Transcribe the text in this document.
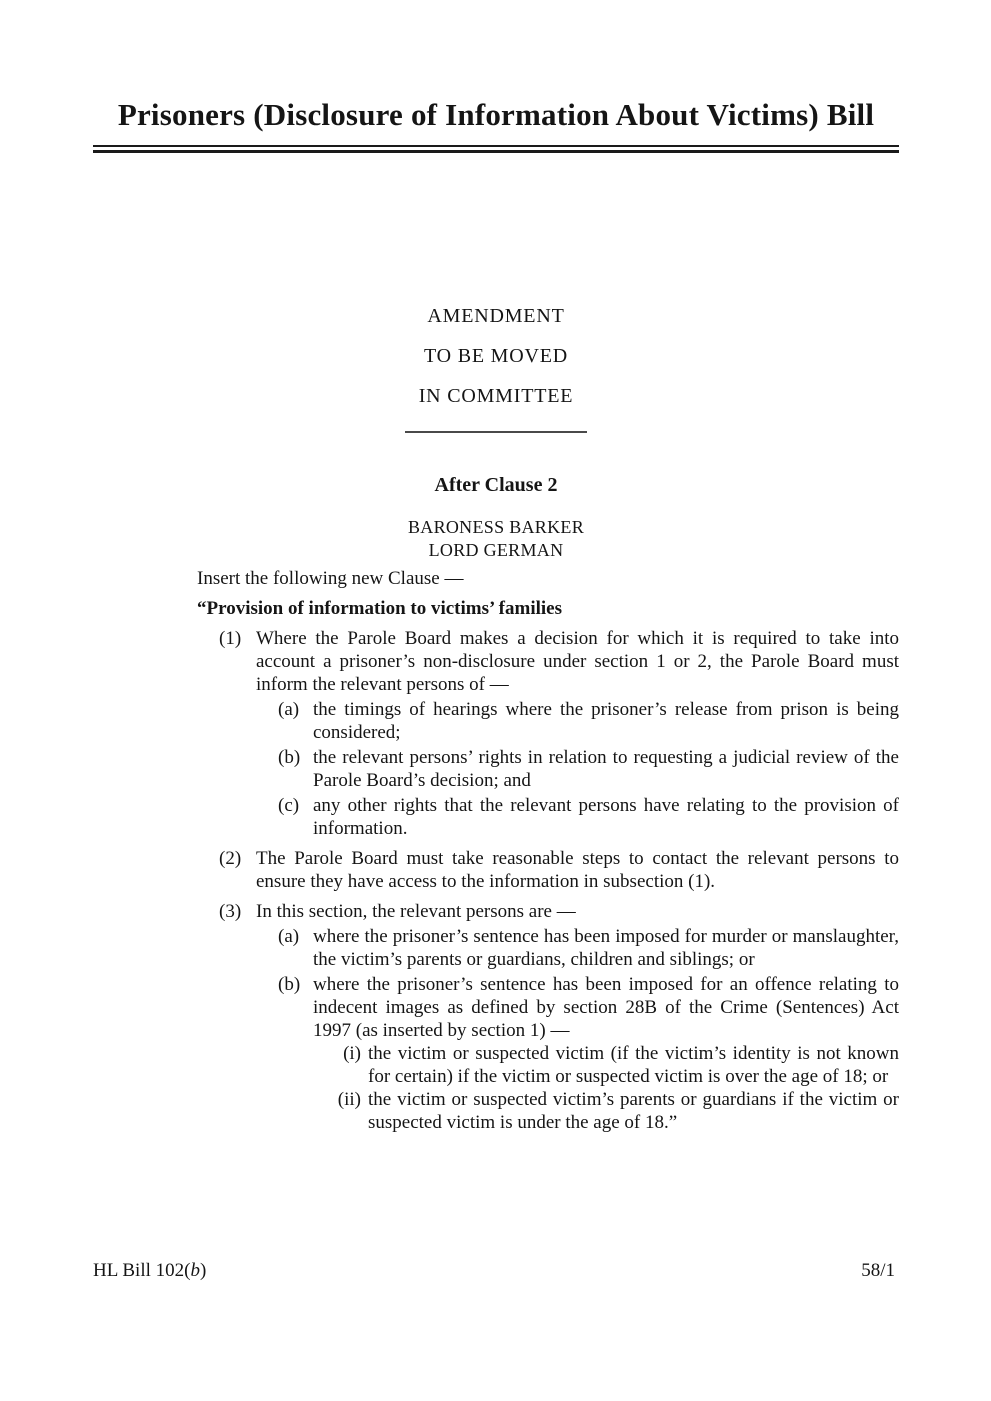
Prisoners (Disclosure of Information About Victims) Bill
AMENDMENT
TO BE MOVED
IN COMMITTEE
After Clause 2
BARONESS BARKER
LORD GERMAN
Insert the following new Clause —
“Provision of information to victims’ families
(1) Where the Parole Board makes a decision for which it is required to take into account a prisoner’s non-disclosure under section 1 or 2, the Parole Board must inform the relevant persons of —
(a) the timings of hearings where the prisoner’s release from prison is being considered;
(b) the relevant persons’ rights in relation to requesting a judicial review of the Parole Board’s decision; and
(c) any other rights that the relevant persons have relating to the provision of information.
(2) The Parole Board must take reasonable steps to contact the relevant persons to ensure they have access to the information in subsection (1).
(3) In this section, the relevant persons are —
(a) where the prisoner’s sentence has been imposed for murder or manslaughter, the victim’s parents or guardians, children and siblings; or
(b) where the prisoner’s sentence has been imposed for an offence relating to indecent images as defined by section 28B of the Crime (Sentences) Act 1997 (as inserted by section 1) —
(i) the victim or suspected victim (if the victim’s identity is not known for certain) if the victim or suspected victim is over the age of 18; or
(ii) the victim or suspected victim’s parents or guardians if the victim or suspected victim is under the age of 18.”
HL Bill 102(b)	58/1
